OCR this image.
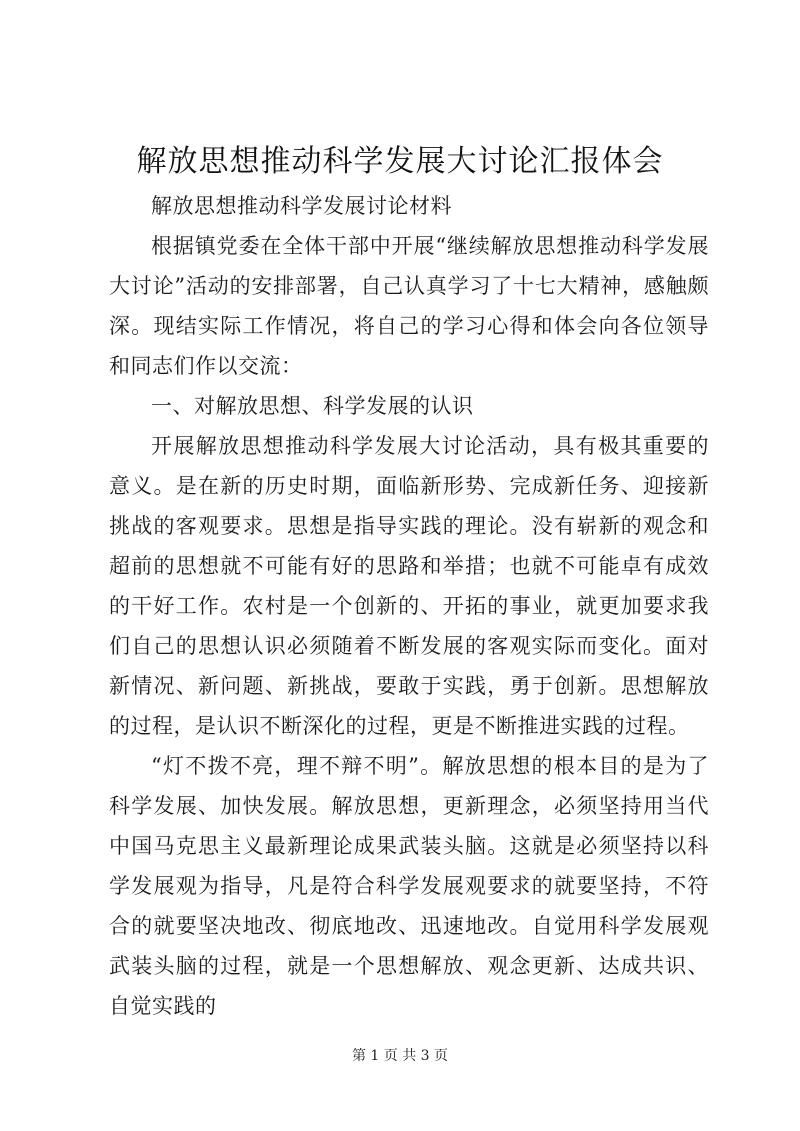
解放思想推动科学发展大讨论汇报体会

解放思想推动科学发展讨论材料

根据镇党委在全体干部中开展“继续解放思想推动科学发展大讨论”活动的安排部署，自己认真学习了十七大精神，感触颇深。现结实际工作情况，将自己的学习心得和体会向各位领导和同志们作以交流：

一、对解放思想、科学发展的认识

开展解放思想推动科学发展大讨论活动，具有极其重要的意义。是在新的历史时期，面临新形势、完成新任务、迎接新挑战的客观要求。思想是指导实践的理论。没有崭新的观念和超前的思想就不可能有好的思路和举措；也就不可能卓有成效的干好工作。农村是一个创新的、开拓的事业，就更加要求我们自己的思想认识必须随着不断发展的客观实际而变化。面对新情况、新问题、新挑战，要敢于实践，勇于创新。思想解放的过程，是认识不断深化的过程，更是不断推进实践的过程。

“灯不拨不亮，理不辩不明”。解放思想的根本目的是为了科学发展、加快发展。解放思想，更新理念，必须坚持用当代中国马克思主义最新理论成果武装头脑。这就是必须坚持以科学发展观为指导，凡是符合科学发展观要求的就要坚持，不符合的就要坚决地改、彻底地改、迅速地改。自觉用科学发展观武装头脑的过程，就是一个思想解放、观念更新、达成共识、自觉实践的

第 1 页 共 3 页
